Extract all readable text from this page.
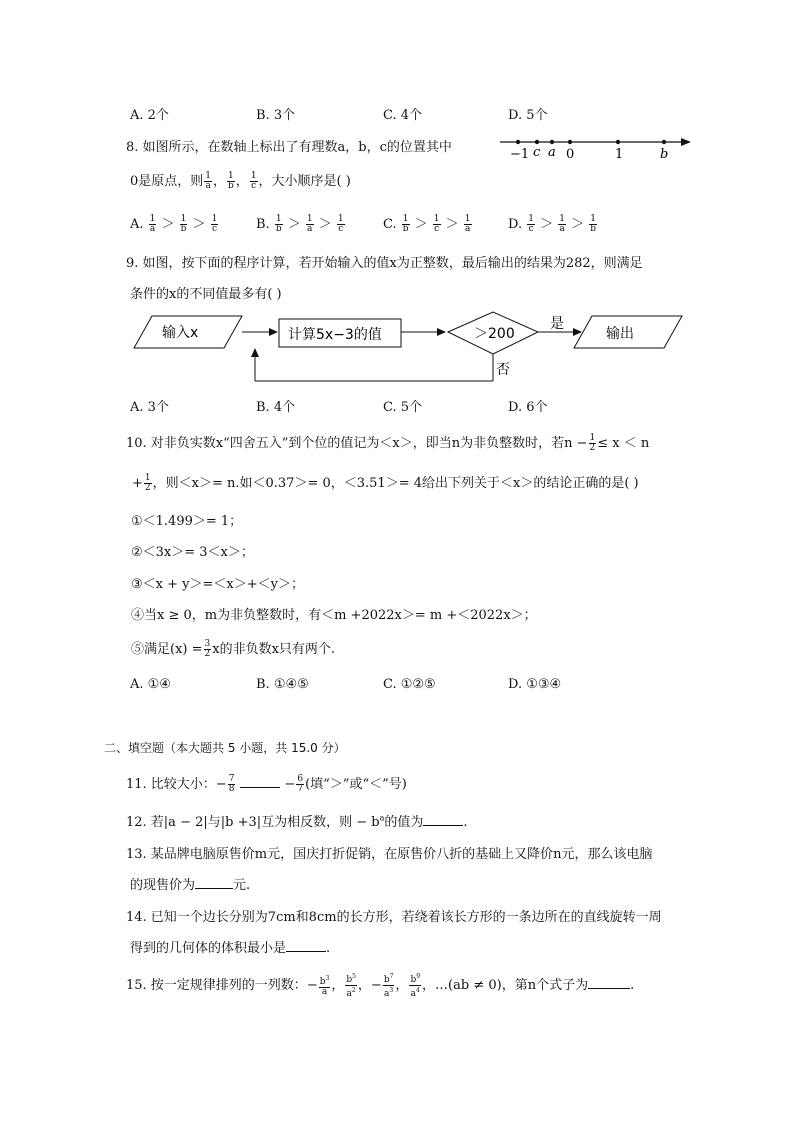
A. 2个	B. 3个	C. 4个	D. 5个
8. 如图所示，在数轴上标出了有理数a，b，c的位置其中
0是原点，则 $\frac{1}{a}$ ， $\frac{1}{b}$ ， $\frac{1}{c}$ ，大小顺序是( )
−1 c a 0	1	b
A. $\frac{1}{a} > \frac{1}{b} > \frac{1}{c}$	B. $\frac{1}{b} > \frac{1}{a} > \frac{1}{c}$	C. $\frac{1}{b} > \frac{1}{c} > \frac{1}{a}$	D. $\frac{1}{c} > \frac{1}{a} > \frac{1}{b}$
9. 如图，按下面的程序计算，若开始输入的值x为正整数，最后输出的结果为282，则满足
条件的x的不同值最多有( )
输入x	计算5x−3的值	＞200
是
输出
否
A. 3个	B. 4个	C. 5个	D. 6个
10. 对非负实数x“四舍五入”到个位的值记为＜x＞，即当n为非负整数时，若$n - \frac{1}{2} \le x < n$
+ $\frac{1}{2}$ ，则＜x＞= n.如＜0.37＞= 0，＜3.51＞= 4给出下列关于＜x＞的结论正确的是( )
①＜1.499＞= 1；
②＜3x＞= 3＜x＞；
③＜x + y＞=＜x＞+＜y＞；
④当x ≥ 0，m为非负整数时，有＜m +2022x＞= m +＜2022x＞；
⑤满足$(x) = \frac{3}{2}$ x的非负数x只有两个.
A. ①④	B. ①④⑤	C. ①②⑤	D. ①③④
二、填空题（本大题共 5 小题，共 15.0 分）
11. 比较大小：− $\frac{7}{8}$	− $\frac{6}{7}$ (填“＞”或“＜”号)
12. 若|a − 2|与|b +3|互为相反数，则 − $b^a$的值为	.
13. 某品牌电脑原售价m元，国庆打折促销，在原售价八折的基础上又降价n元，那么该电脑
的现售价为	元.
14. 已知一个边长分别为7cm和8cm的长方形，若绕着该长方形的一条边所在的直线旋转一周
得到的几何体的体积最小是	.
15. 按一定规律排列的一列数：− $\frac{b^3}{a}$ ， $\frac{b^5}{a^2}$ ，− $\frac{b^7}{a^3}$ ， $\frac{b^9}{a^4}$ ，…(ab ≠ 0)，第n个式子为	.
